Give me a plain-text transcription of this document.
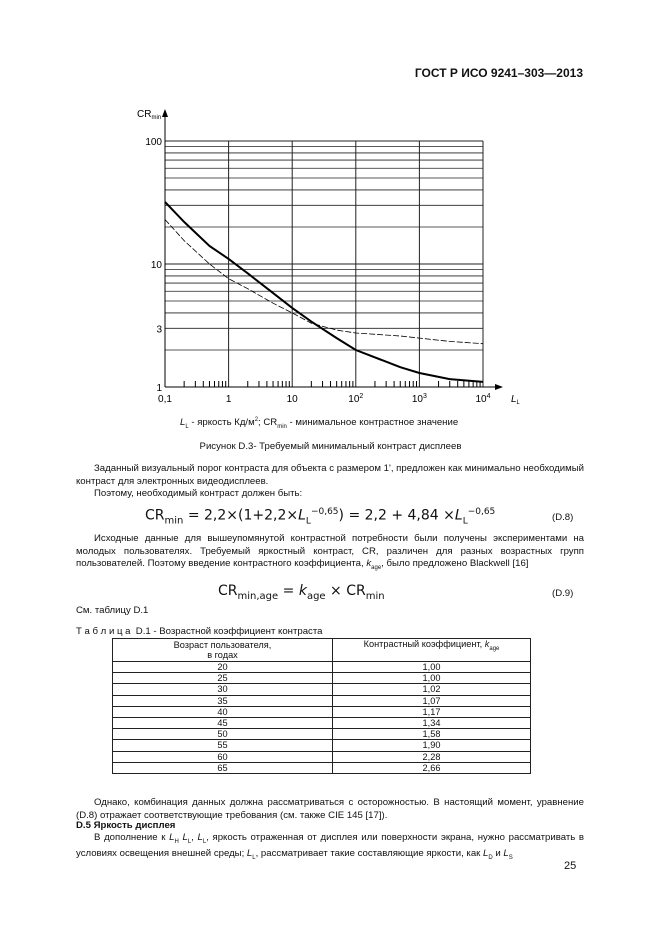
ГОСТ Р ИСО 9241–303—2013
100
10
3
1
0,1	1	10	$10^2$	$10^3$	$10^4$
$CR_{min}$
$L_L$
$L_L$ - яркость $Кд/м^2$; $CR_{min}$ - минимальное контрастное значение
Рисунок D.3- Требуемый минимальный контраст дисплеев
Заданный визуальный порог контраста для объекта с размером 1', предложен как минимально необходимый контраст для электронных видеодисплеев.
Поэтому, необходимый контраст должен быть:
$CR_{min} = 2,2\times(1+2,2\times L_L^{-0,65}) = 2,2 + 4,84 \times L_L^{-0,65}$	(D.8)
Исходные данные для вышеупомянутой контрастной потребности были получены экспериментами на молодых пользователях. Требуемый яркостный контраст, CR, различен для разных возрастных групп пользователей. Поэтому введение контрастного коэффициента, $k_{age}$, было предложено Blackwell [16]
$CR_{min,age} = k_{age} \times CR_{min}$	(D.9)
См. таблицу D.1
Т а б л и ц а  D.1 - Возрастной коэффициент контраста
Возраст пользователя,
в годах	Контрастный коэффициент, $k_{age}$
20	1,00
25	1,00
30	1,02
35	1,07
40	1,17
45	1,34
50	1,58
55	1,90
60	2,28
65	2,66
Однако, комбинация данных должна рассматриваться с осторожностью. В настоящий момент, уравнение (D.8) отражает соответствующие требования (см. также CIE 145 [17]).
D.5 Яркость дисплея
В дополнение к $L_H$ $L_L$, $L_L$, яркость отраженная от дисплея или поверхности экрана, нужно рассматривать в условиях освещения внешней среды; $L_L$, рассматривает такие составляющие яркости, как $L_D$ и $L_S$
25
